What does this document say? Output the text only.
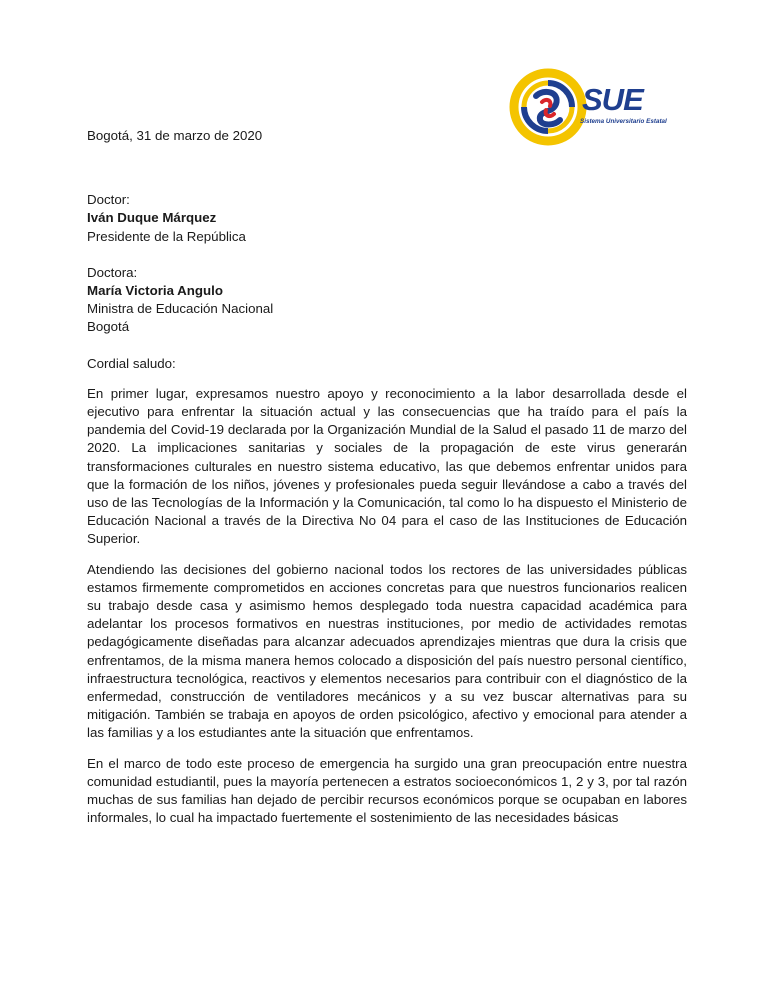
SUE
Sistema Universitario Estatal
Bogotá, 31 de marzo de 2020
Doctor:
Iván Duque Márquez
Presidente de la República
Doctora:
María Victoria Angulo
Ministra de Educación Nacional
Bogotá
Cordial saludo:

En primer lugar, expresamos nuestro apoyo y reconocimiento a la labor desarrollada desde el ejecutivo para enfrentar la situación actual y las consecuencias que ha traído para el país la pandemia del Covid-19 declarada por la Organización Mundial de la Salud el pasado 11 de marzo del 2020. La implicaciones sanitarias y sociales de la propagación de este virus generarán transformaciones culturales en nuestro sistema educativo, las que debemos enfrentar unidos para que la formación de los niños, jóvenes y profesionales pueda seguir llevándose a cabo a través del uso de las Tecnologías de la Información y la Comunicación, tal como lo ha dispuesto el Ministerio de Educación Nacional a través de la Directiva No 04 para el caso de las Instituciones de Educación Superior.

Atendiendo las decisiones del gobierno nacional todos los rectores de las universidades públicas estamos firmemente comprometidos en acciones concretas para que nuestros funcionarios realicen su trabajo desde casa y asimismo hemos desplegado toda nuestra capacidad académica para adelantar los procesos formativos en nuestras instituciones, por medio de actividades remotas pedagógicamente diseñadas para alcanzar adecuados aprendizajes mientras que dura la crisis que enfrentamos, de la misma manera hemos colocado a disposición del país nuestro personal científico, infraestructura tecnológica, reactivos y elementos necesarios para contribuir con el diagnóstico de la enfermedad, construcción de ventiladores mecánicos y a su vez buscar alternativas para su mitigación. También se trabaja en apoyos de orden psicológico, afectivo y emocional para atender a las familias y a los estudiantes ante la situación que enfrentamos.

En el marco de todo este proceso de emergencia ha surgido una gran preocupación entre nuestra comunidad estudiantil, pues la mayoría pertenecen a estratos socioeconómicos 1, 2 y 3, por tal razón muchas de sus familias han dejado de percibir recursos económicos porque se ocupaban en labores informales, lo cual ha impactado fuertemente el sostenimiento de las necesidades básicas
